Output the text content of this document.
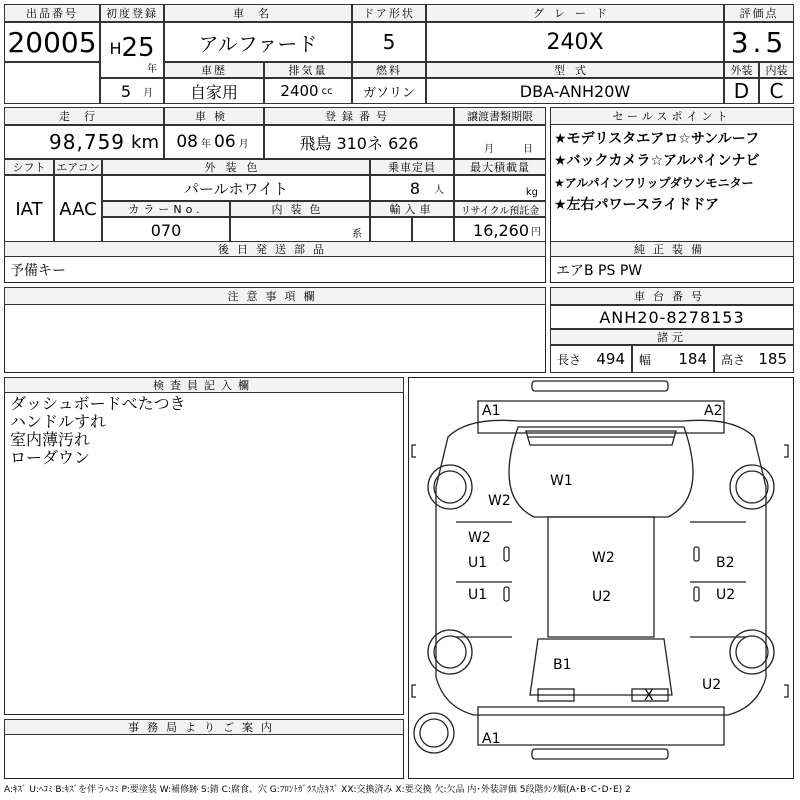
出品番号
20005
初度登録
H 25
年
5 月
車名
アルファード
ドア形状
5
グレード
240X
評価点
3.5
車歴
自家用
排気量
2400 cc
燃料
ガソリン
型式
DBA-ANH20W
外装	内装
D	C
走行
98,759 km
車検
08 年 06 月
登録番号
飛鳥 310ネ 626
譲渡書類期限
月	日
シフト エアコン
IAT AAC
外装色
パールホワイト
乗車定員
8 人
最大積載量
kg
カラーNo.
070
内装色
系
輸入車	リサイクル預託金
16,260 円
セールスポイント
★モデリスタエアロ☆サンルーフ
★バックカメラ☆アルパインナビ
★アルパインフリップダウンモニター
★左右パワースライドドア
後日発送部品
予備キー
純正装備
エアB PS PW
注意事項欄	車台番号
ANH20-8278153
諸元
長さ 494 幅 184 高さ 185
検査員記入欄
ダッシュボードべたつき
ハンドルすれ
室内薄汚れ
ローダウン
事務局よりご案内
A1	A2
W1
W2
W2
U1	W2	B2
U1	U2	U2
B1
U2
X
A1
A:ｷｽﾞ U:ﾍｺﾐ B:ｷｽﾞを伴うﾍｺﾐ P:要塗装 W:補修跡 S:錆 C:腐食、穴 G:ﾌﾛﾝﾄｶﾞﾗｽ点ｷｽﾞ XX:交換済み X:要交換 欠:欠品 内･外装評価 5段階ﾗﾝｸ順(A･B･C･D･E) 2
